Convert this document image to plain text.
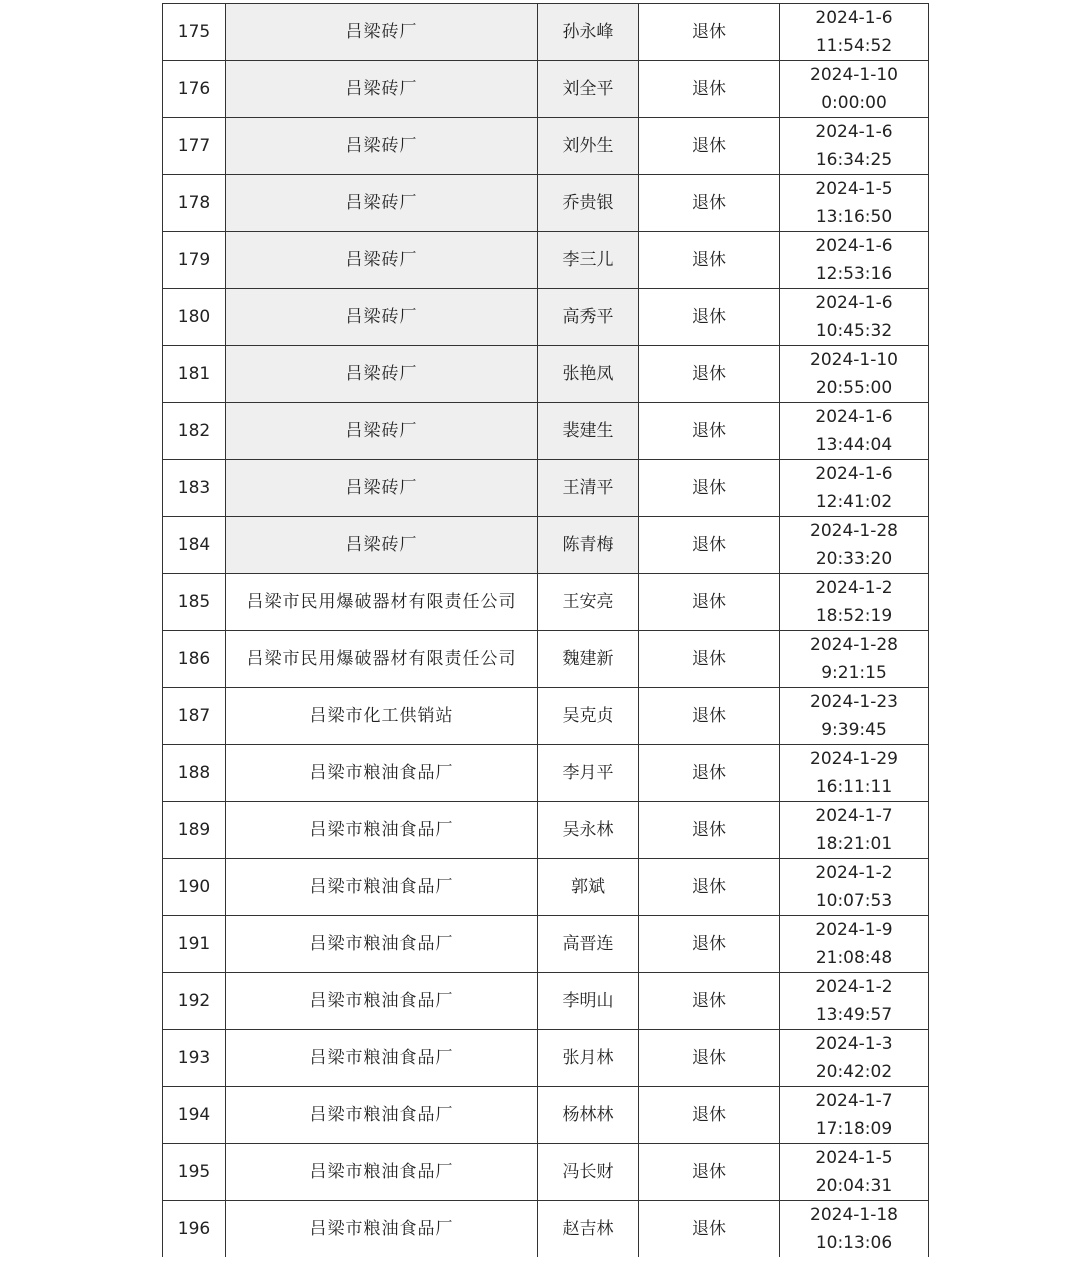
175	吕梁砖厂	孙永峰	退休	2024-1-6
11:54:52

176	吕梁砖厂	刘全平	退休	2024-1-10
0:00:00

177	吕梁砖厂	刘外生	退休	2024-1-6
16:34:25

178	吕梁砖厂	乔贵银	退休	2024-1-5
13:16:50

179	吕梁砖厂	李三儿	退休	2024-1-6
12:53:16

180	吕梁砖厂	高秀平	退休	2024-1-6
10:45:32

181	吕梁砖厂	张艳凤	退休	2024-1-10
20:55:00

182	吕梁砖厂	裴建生	退休	2024-1-6
13:44:04

183	吕梁砖厂	王清平	退休	2024-1-6
12:41:02

184	吕梁砖厂	陈青梅	退休	2024-1-28
20:33:20

185	吕梁市民用爆破器材有限责任公司	王安亮	退休	2024-1-2
18:52:19

186	吕梁市民用爆破器材有限责任公司	魏建新	退休	2024-1-28
9:21:15

187	吕梁市化工供销站	吴克贞	退休	2024-1-23
9:39:45

188	吕梁市粮油食品厂	李月平	退休	2024-1-29
16:11:11

189	吕梁市粮油食品厂	吴永林	退休	2024-1-7
18:21:01

190	吕梁市粮油食品厂	郭斌	退休	2024-1-2
10:07:53

191	吕梁市粮油食品厂	高晋连	退休	2024-1-9
21:08:48

192	吕梁市粮油食品厂	李明山	退休	2024-1-2
13:49:57

193	吕梁市粮油食品厂	张月林	退休	2024-1-3
20:42:02

194	吕梁市粮油食品厂	杨林林	退休	2024-1-7
17:18:09

195	吕梁市粮油食品厂	冯长财	退休	2024-1-5
20:04:31

196	吕梁市粮油食品厂	赵吉林	退休	2024-1-18
10:13:06
